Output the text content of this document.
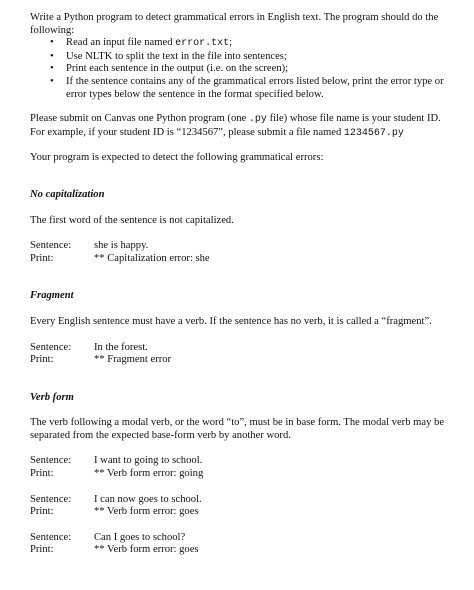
Write a Python program to detect grammatical errors in English text. The program should do the following:

• Read an input file named error.txt;
• Use NLTK to split the text in the file into sentences;
• Print each sentence in the output (i.e. on the screen);
• If the sentence contains any of the grammatical errors listed below, print the error type or error types below the sentence in the format specified below.

Please submit on Canvas one Python program (one .py file) whose file name is your student ID. For example, if your student ID is “1234567”, please submit a file named 1234567.py

Your program is expected to detect the following grammatical errors:

No capitalization

The first word of the sentence is not capitalized.

Sentence:	she is happy.
Print:	** Capitalization error: she

Fragment

Every English sentence must have a verb. If the sentence has no verb, it is called a “fragment”.

Sentence:	In the forest.
Print:	** Fragment error

Verb form

The verb following a modal verb, or the word “to”, must be in base form. The modal verb may be separated from the expected base-form verb by another word.

Sentence:	I want to going to school.
Print:	** Verb form error: going
Sentence:	I can now goes to school.
Print:	** Verb form error: goes
Sentence:	Can I goes to school?
Print:	** Verb form error: goes
